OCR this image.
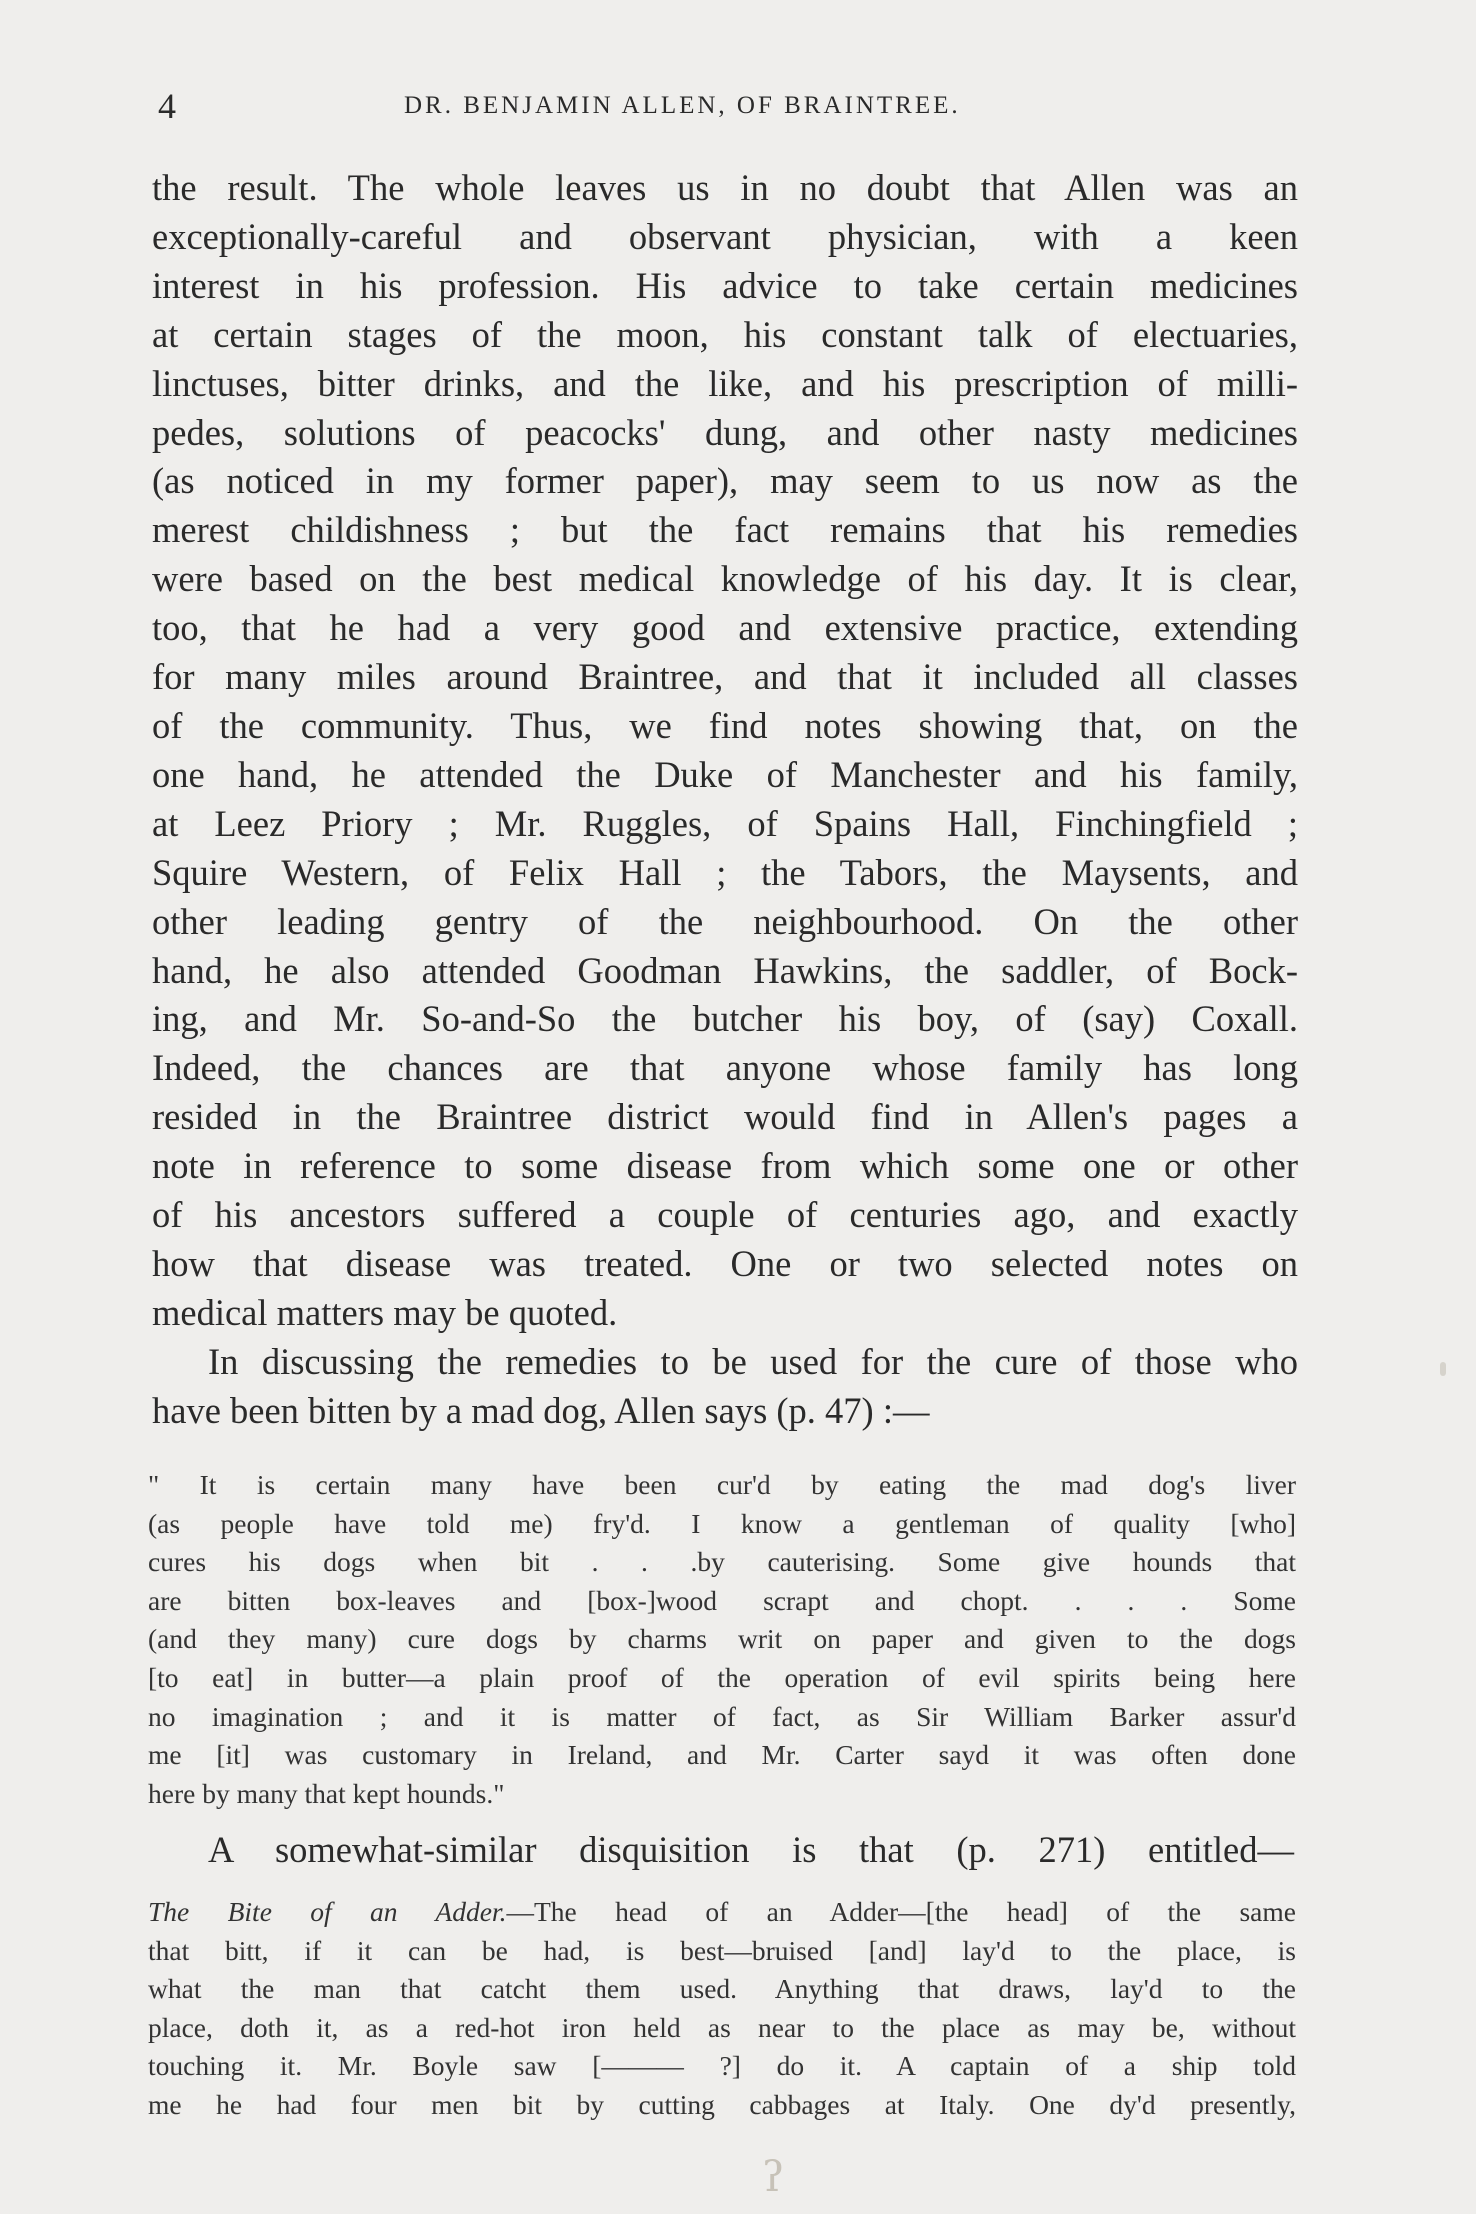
4	DR. BENJAMIN ALLEN, OF BRAINTREE.
the result. The whole leaves us in no doubt that Allen was an
exceptionally-careful and observant physician, with a keen
interest in his profession. His advice to take certain medicines
at certain stages of the moon, his constant talk of electuaries,
linctuses, bitter drinks, and the like, and his prescription of milli-
pedes, solutions of peacocks' dung, and other nasty medicines
(as noticed in my former paper), may seem to us now as the
merest childishness ; but the fact remains that his remedies
were based on the best medical knowledge of his day. It is clear,
too, that he had a very good and extensive practice, extending
for many miles around Braintree, and that it included all classes
of the community. Thus, we find notes showing that, on the
one hand, he attended the Duke of Manchester and his family,
at Leez Priory ; Mr. Ruggles, of Spains Hall, Finchingfield ;
Squire Western, of Felix Hall ; the Tabors, the Maysents, and
other leading gentry of the neighbourhood. On the other
hand, he also attended Goodman Hawkins, the saddler, of Bock-
ing, and Mr. So-and-So the butcher his boy, of (say) Coxall.
Indeed, the chances are that anyone whose family has long
resided in the Braintree district would find in Allen's pages a
note in reference to some disease from which some one or other
of his ancestors suffered a couple of centuries ago, and exactly
how that disease was treated. One or two selected notes on
medical matters may be quoted.
In discussing the remedies to be used for the cure of those who
have been bitten by a mad dog, Allen says (p. 47) :—
" It is certain many have been cur'd by eating the mad dog's liver
(as people have told me) fry'd. I know a gentleman of quality [who]
cures his dogs when bit . . .by cauterising. Some give hounds that
are bitten box-leaves and [box-]wood scrapt and chopt. . . . Some
(and they many) cure dogs by charms writ on paper and given to the dogs
[to eat] in butter—a plain proof of the operation of evil spirits being here
no imagination ; and it is matter of fact, as Sir William Barker assur'd
me [it] was customary in Ireland, and Mr. Carter sayd it was often done
here by many that kept hounds."
A somewhat-similar disquisition is that (p. 271) entitled—
The Bite of an Adder.—The head of an Adder—[the head] of the same
that bitt, if it can be had, is best—bruised [and] lay'd to the place, is
what the man that catcht them used. Anything that draws, lay'd to the
place, doth it, as a red-hot iron held as near to the place as may be, without
touching it. Mr. Boyle saw [——— ?] do it. A captain of a ship told
me he had four men bit by cutting cabbages at Italy. One dy'd presently,
ʔ
